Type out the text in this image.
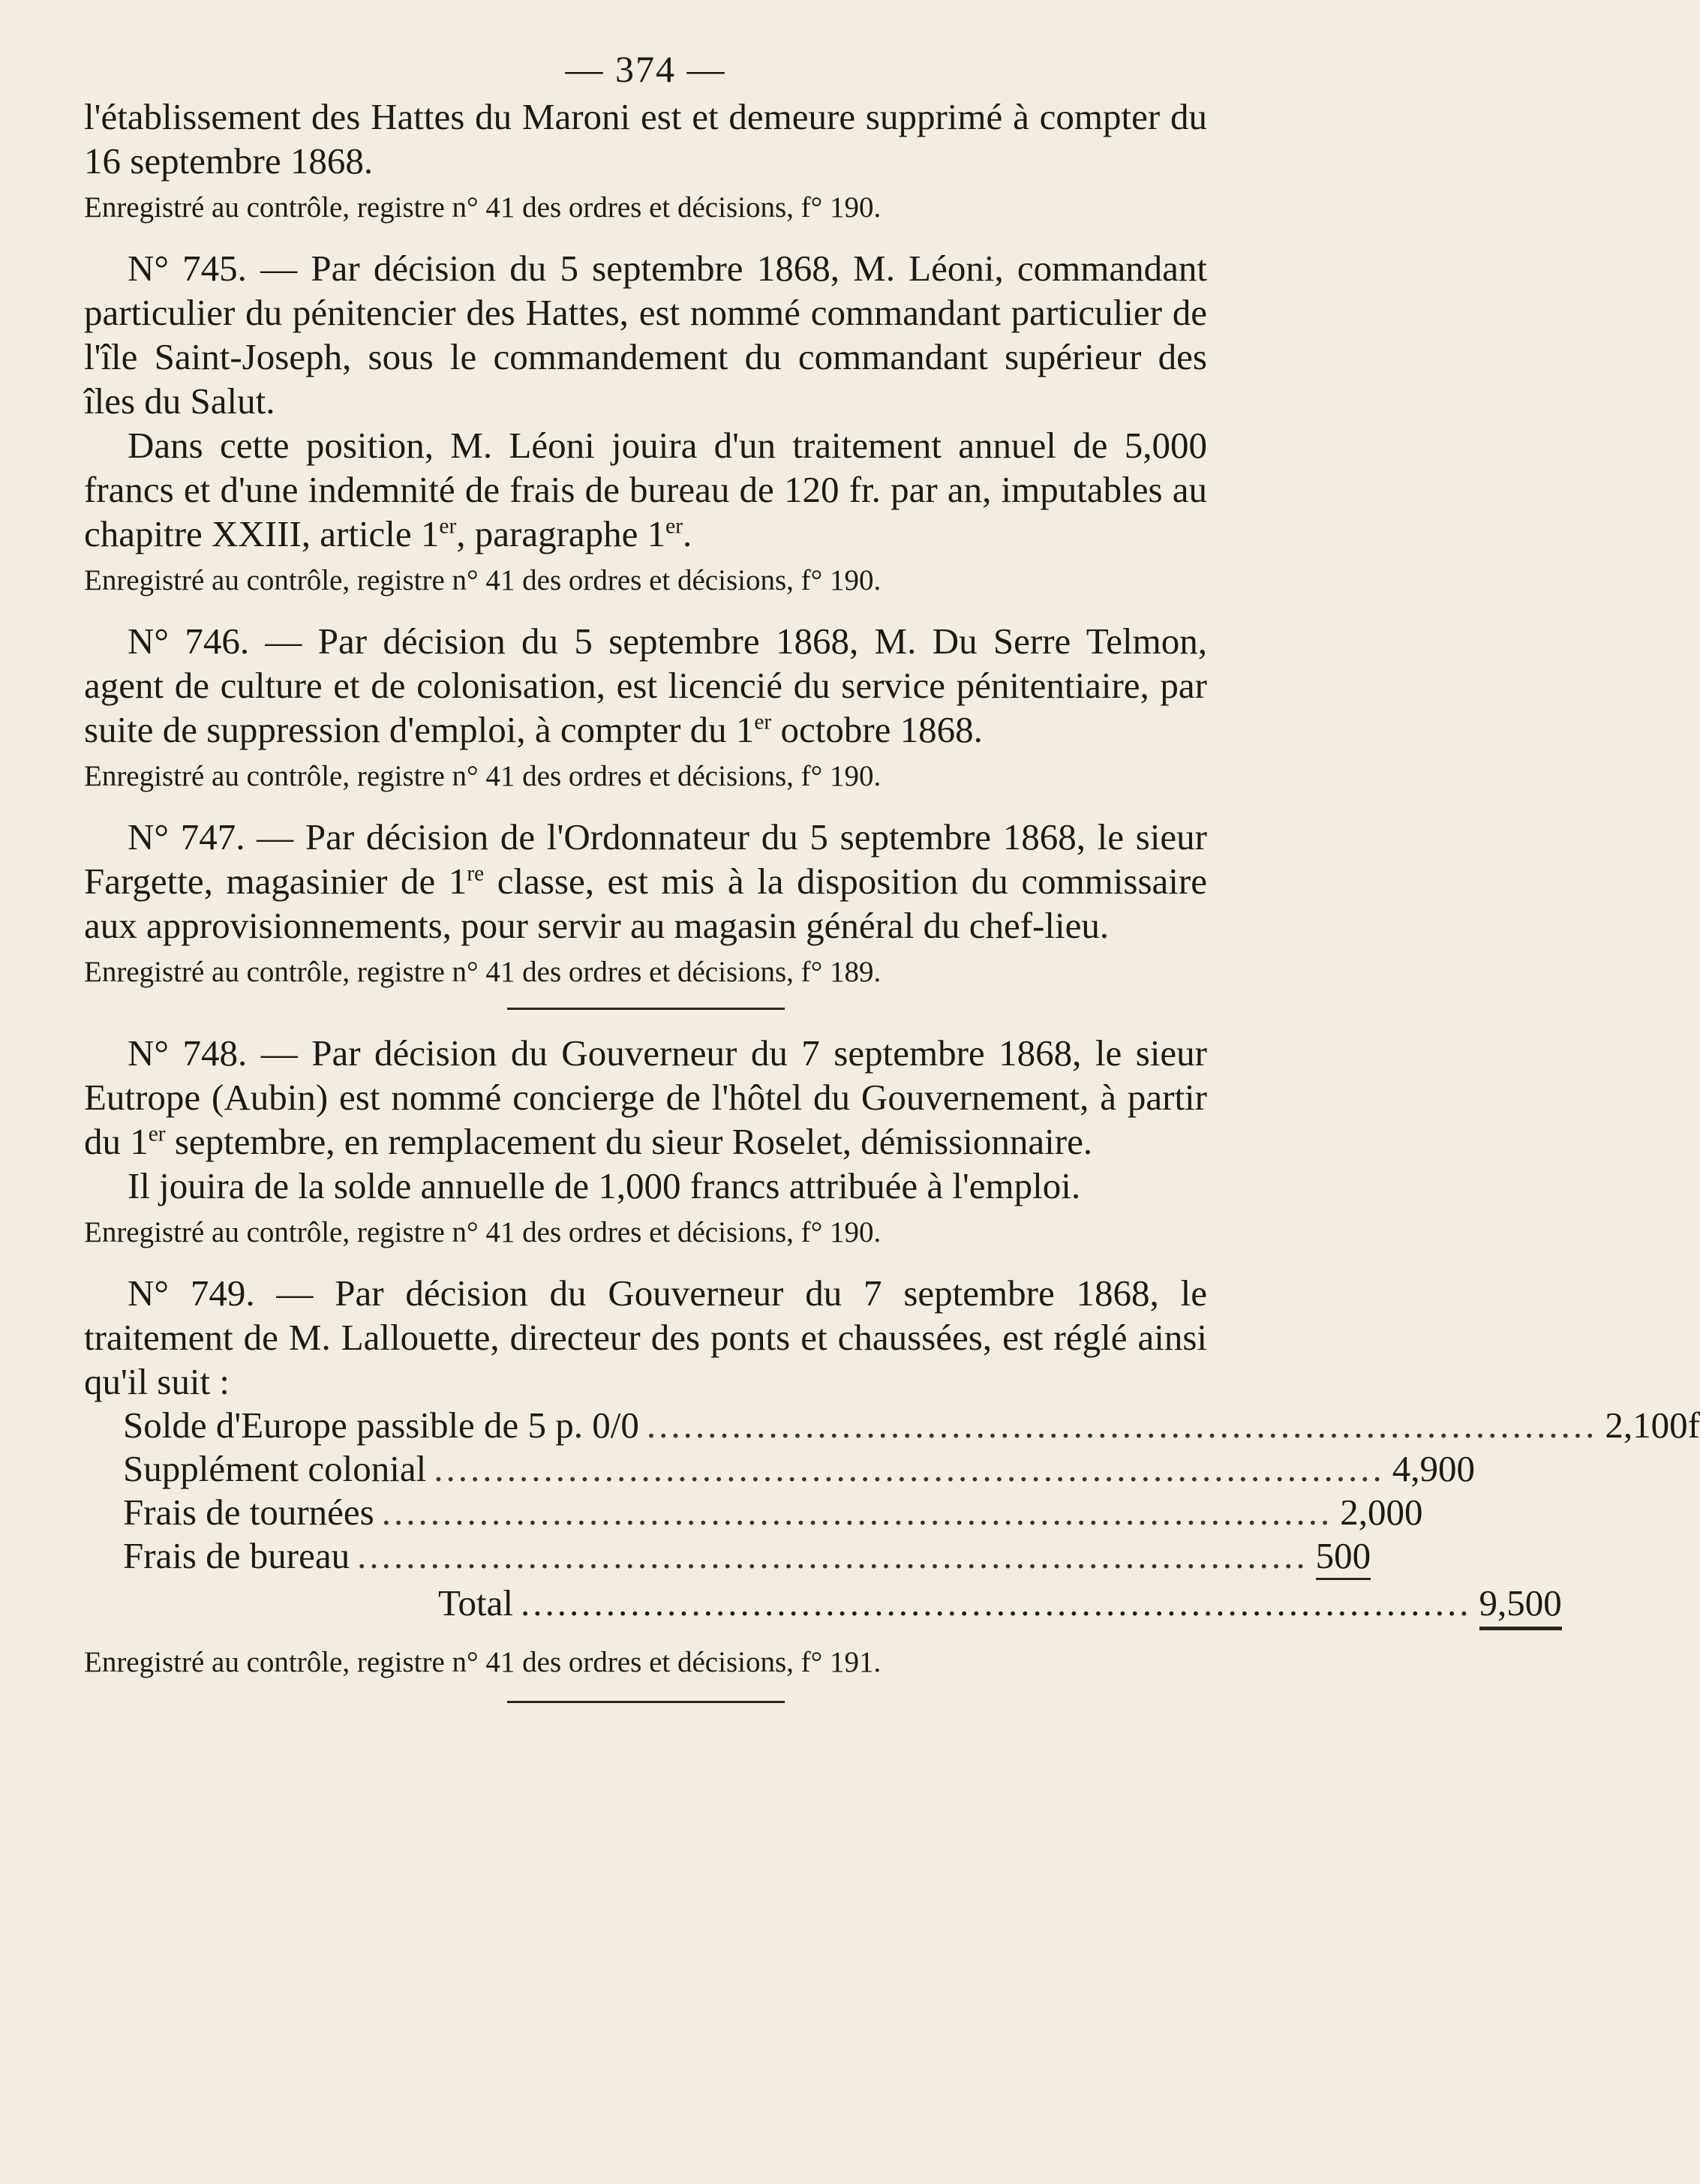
— 374 —

l'établissement des Hattes du Maroni est et demeure supprimé à compter du 16 septembre 1868.

Enregistré au contrôle, registre n° 41 des ordres et décisions, f° 190.

N° 745. — Par décision du 5 septembre 1868, M. Léoni, commandant particulier du pénitencier des Hattes, est nommé commandant particulier de l'île Saint-Joseph, sous le commandement du commandant supérieur des îles du Salut.

Dans cette position, M. Léoni jouira d'un traitement annuel de 5,000 francs et d'une indemnité de frais de bureau de 120 fr. par an, imputables au chapitre XXIII, article 1er, paragraphe 1er.

Enregistré au contrôle, registre n° 41 des ordres et décisions, f° 190.

N° 746. — Par décision du 5 septembre 1868, M. Du Serre Telmon, agent de culture et de colonisation, est licencié du service pénitentiaire, par suite de suppression d'emploi, à compter du 1er octobre 1868.

Enregistré au contrôle, registre n° 41 des ordres et décisions, f° 190.

N° 747. — Par décision de l'Ordonnateur du 5 septembre 1868, le sieur Fargette, magasinier de 1re classe, est mis à la disposition du commissaire aux approvisionnements, pour servir au magasin général du chef-lieu.

Enregistré au contrôle, registre n° 41 des ordres et décisions, f° 189.

N° 748. — Par décision du Gouverneur du 7 septembre 1868, le sieur Eutrope (Aubin) est nommé concierge de l'hôtel du Gouvernement, à partir du 1er septembre, en remplacement du sieur Roselet, démissionnaire.

Il jouira de la solde annuelle de 1,000 francs attribuée à l'emploi.

Enregistré au contrôle, registre n° 41 des ordres et décisions, f° 190.

N° 749. — Par décision du Gouverneur du 7 septembre 1868, le traitement de M. Lallouette, directeur des ponts et chaussées, est réglé ainsi qu'il suit :

Solde d'Europe passible de 5 p. 0/0 .............................................................................. 2,100f
Supplément colonial .............................................................................. 4,900
Frais de tournées .............................................................................. 2,000
Frais de bureau .............................................................................. 500
Total .............................................................................. 9,500
Enregistré au contrôle, registre n° 41 des ordres et décisions, f° 191.
